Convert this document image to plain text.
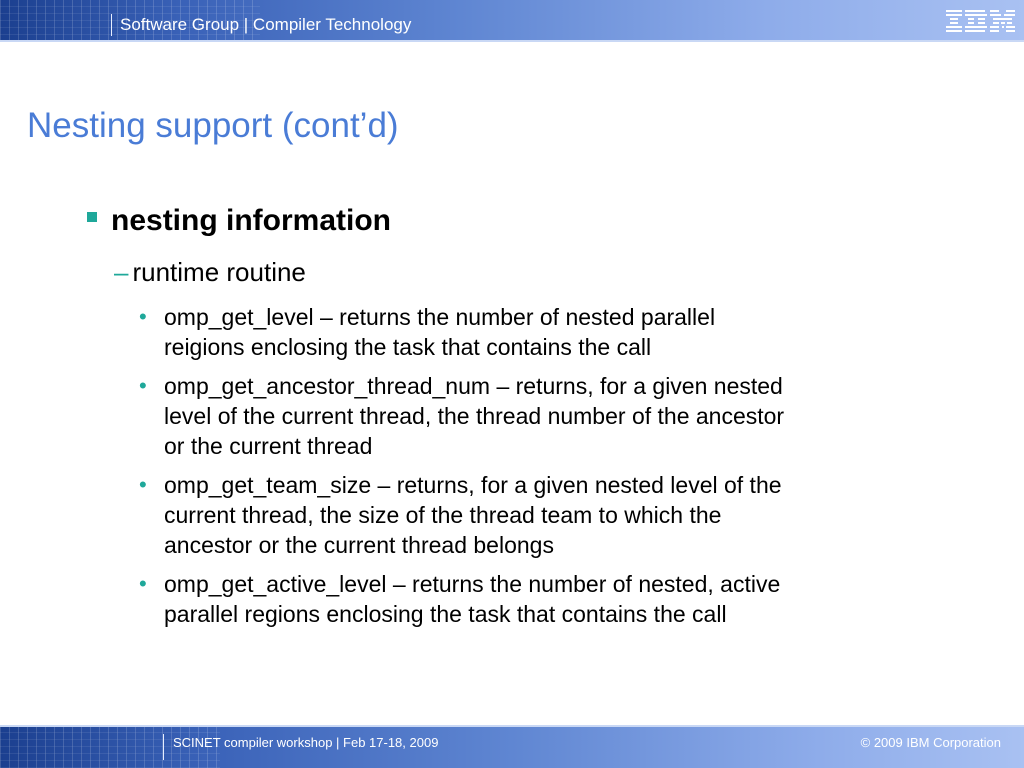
Software Group | Compiler Technology
Nesting support (cont’d)
nesting information
– runtime routine
• omp_get_level – returns the number of nested parallel
reigions enclosing the task that contains the call
• omp_get_ancestor_thread_num – returns, for a given nested
level of the current thread, the thread number of the ancestor
or the current thread
• omp_get_team_size – returns, for a given nested level of the
current thread, the size of the thread team to which the
ancestor or the current thread belongs
• omp_get_active_level – returns the number of nested, active
parallel regions enclosing the task that contains the call
SCINET compiler workshop | Feb 17-18, 2009	© 2009 IBM Corporation
